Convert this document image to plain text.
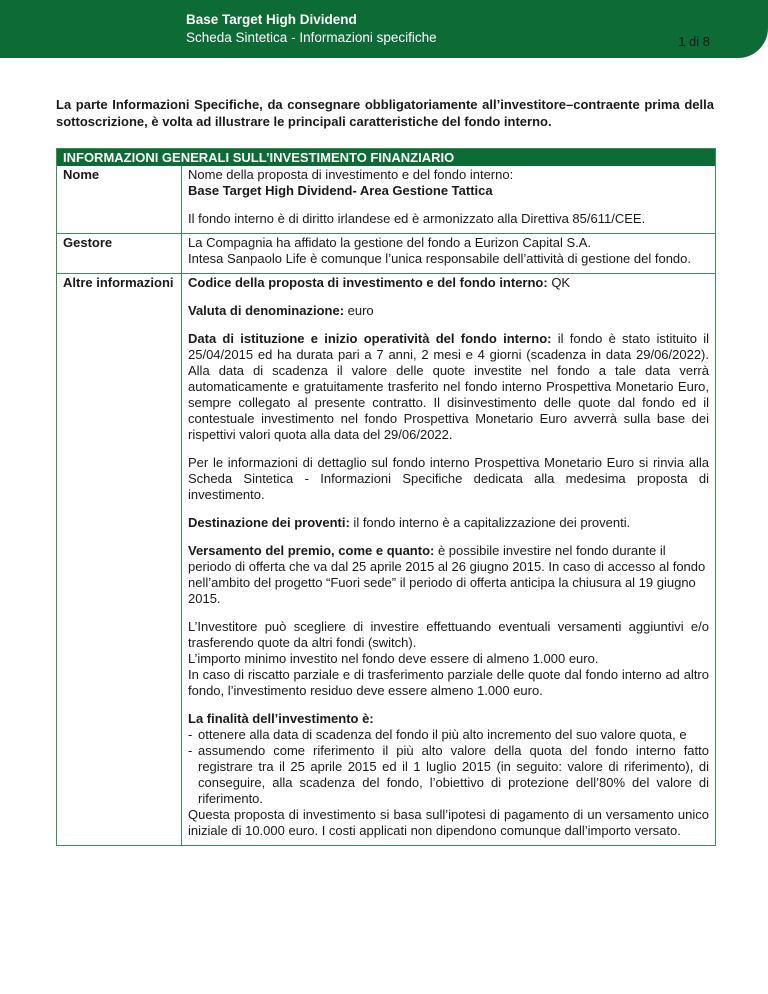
Base Target High Dividend
Scheda Sintetica - Informazioni specifiche	1 di 8
La parte Informazioni Specifiche, da consegnare obbligatoriamente all’investitore–contraente prima della sottoscrizione, è volta ad illustrare le principali caratteristiche del fondo interno.
INFORMAZIONI GENERALI SULL’INVESTIMENTO FINANZIARIO
Nome	Nome della proposta di investimento e del fondo interno:
Base Target High Dividend- Area Gestione Tattica
Il fondo interno è di diritto irlandese ed è armonizzato alla Direttiva 85/611/CEE.
Gestore	La Compagnia ha affidato la gestione del fondo a Eurizon Capital S.A.
Intesa Sanpaolo Life è comunque l’unica responsabile dell’attività di gestione del fondo.
Altre informazioni	Codice della proposta di investimento e del fondo interno: QK
Valuta di denominazione: euro
Data di istituzione e inizio operatività del fondo interno: il fondo è stato istituito il 25/04/2015 ed ha durata pari a 7 anni, 2 mesi e 4 giorni (scadenza in data 29/06/2022). Alla data di scadenza il valore delle quote investite nel fondo a tale data verrà automaticamente e gratuitamente trasferito nel fondo interno Prospettiva Monetario Euro, sempre collegato al presente contratto. Il disinvestimento delle quote dal fondo ed il contestuale investimento nel fondo Prospettiva Monetario Euro avverrà sulla base dei rispettivi valori quota alla data del 29/06/2022.
Per le informazioni di dettaglio sul fondo interno Prospettiva Monetario Euro si rinvia alla Scheda Sintetica - Informazioni Specifiche dedicata alla medesima proposta di investimento.
Destinazione dei proventi: il fondo interno è a capitalizzazione dei proventi.
Versamento del premio, come e quanto: è possibile investire nel fondo durante il periodo di offerta che va dal 25 aprile 2015 al 26 giugno 2015. In caso di accesso al fondo nell’ambito del progetto “Fuori sede” il periodo di offerta anticipa la chiusura al 19 giugno 2015.
L’Investitore può scegliere di investire effettuando eventuali versamenti aggiuntivi e/o trasferendo quote da altri fondi (switch).
L’importo minimo investito nel fondo deve essere di almeno 1.000 euro.
In caso di riscatto parziale e di trasferimento parziale delle quote dal fondo interno ad altro fondo, l’investimento residuo deve essere almeno 1.000 euro.
La finalità dell’investimento è:
- ottenere alla data di scadenza del fondo il più alto incremento del suo valore quota, e
- assumendo come riferimento il più alto valore della quota del fondo interno fatto registrare tra il 25 aprile 2015 ed il 1 luglio 2015 (in seguito: valore di riferimento), di conseguire, alla scadenza del fondo, l’obiettivo di protezione dell’80% del valore di riferimento.
Questa proposta di investimento si basa sull’ipotesi di pagamento di un versamento unico iniziale di 10.000 euro. I costi applicati non dipendono comunque dall’importo versato.
